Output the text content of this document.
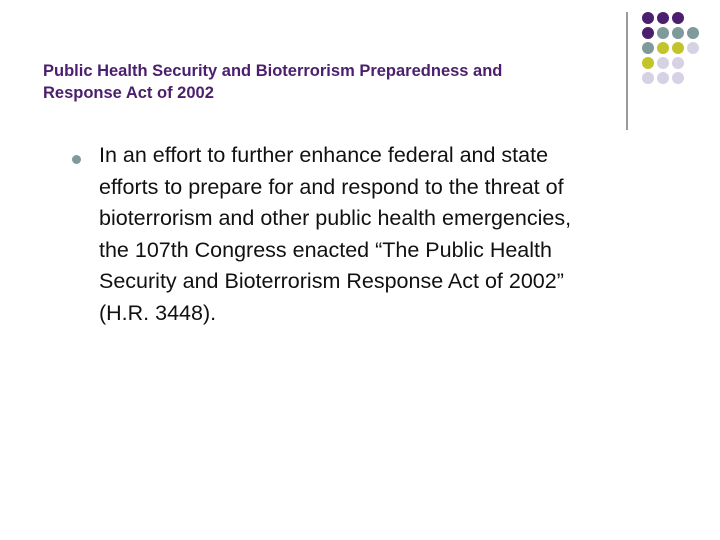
Public Health Security and Bioterrorism Preparedness and
Response Act of 2002
In an effort to further enhance federal and state
efforts to prepare for and respond to the threat of
bioterrorism and other public health emergencies,
the 107th Congress enacted “The Public Health
Security and Bioterrorism Response Act of 2002”
(H.R. 3448).
